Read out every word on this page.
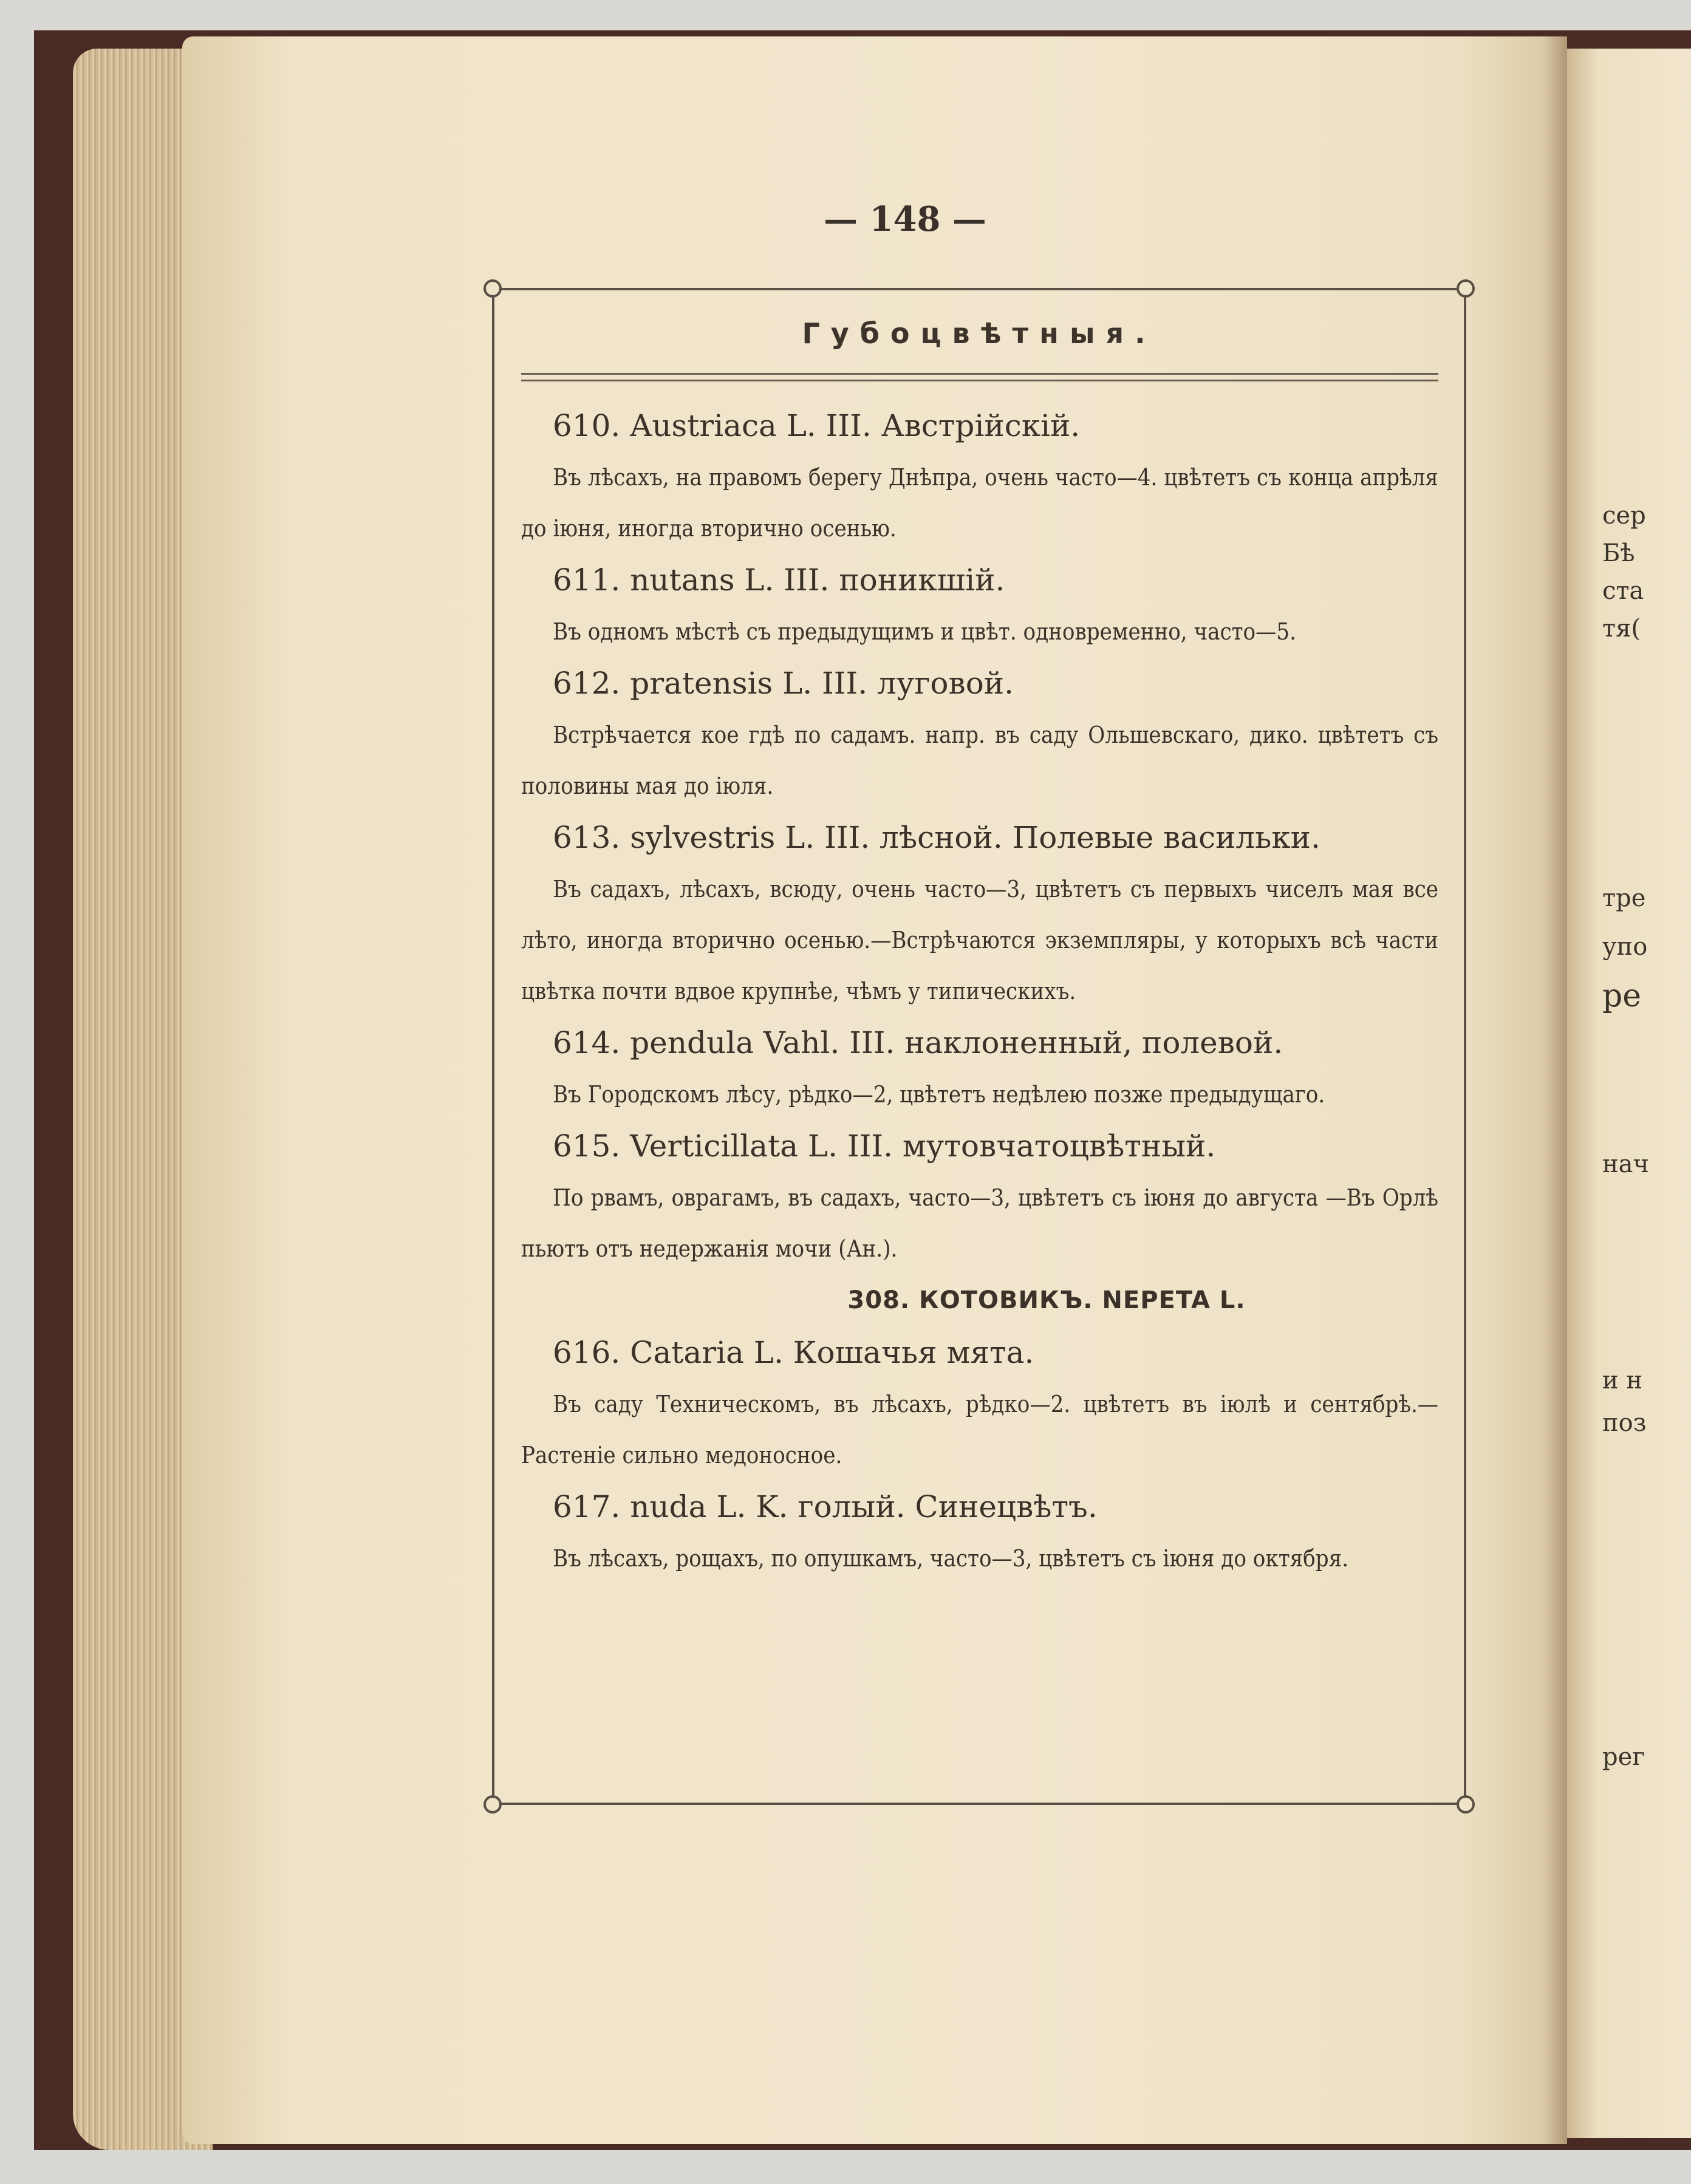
сер
Бѣ
ста
тя(
тре
упо
ре
нач
и н
поз
рег
— 148 —
Губоцвѣтныя.
610. Austriaca L. III. Австрійскій.
Въ лѣсахъ, на правомъ берегу Днѣпра, очень часто—4. цвѣтетъ съ конца апрѣля до іюня, иногда вторично осенью.
611. nutans L. III. поникшій.
Въ одномъ мѣстѣ съ предыдущимъ и цвѣт. одновременно, часто—5.
612. pratensis L. III. луговой.
Встрѣчается кое гдѣ по садамъ. напр. въ саду Ольшевскаго, дико. цвѣтетъ съ половины мая до іюля.
613. sylvestris L. III. лѣсной. Полевые васильки.
Въ садахъ, лѣсахъ, всюду, очень часто—3, цвѣтетъ съ первыхъ чиселъ мая все лѣто, иногда вторично осенью.—Встрѣчаются экземпляры, у которыхъ всѣ части цвѣтка почти вдвое крупнѣе, чѣмъ у типическихъ.
614. pendula Vahl. III. наклоненный, полевой.
Въ Городскомъ лѣсу, рѣдко—2, цвѣтетъ недѣлею позже предыдущаго.
615. Verticillata L. III. мутовчатоцвѣтный.
По рвамъ, оврагамъ, въ садахъ, часто—3, цвѣтетъ съ іюня до августа —Въ Орлѣ пьютъ отъ недержанія мочи (Ан.).
308. КОТОВИКЪ. NEPETA L.
616. Cataria L. Кошачья мята.
Въ саду Техническомъ, въ лѣсахъ, рѣдко—2. цвѣтетъ въ іюлѣ и сентябрѣ.—Растеніе сильно медоносное.
617. nuda L. K. голый. Синецвѣтъ.
Въ лѣсахъ, рощахъ, по опушкамъ, часто—3, цвѣтетъ съ іюня до октября.
